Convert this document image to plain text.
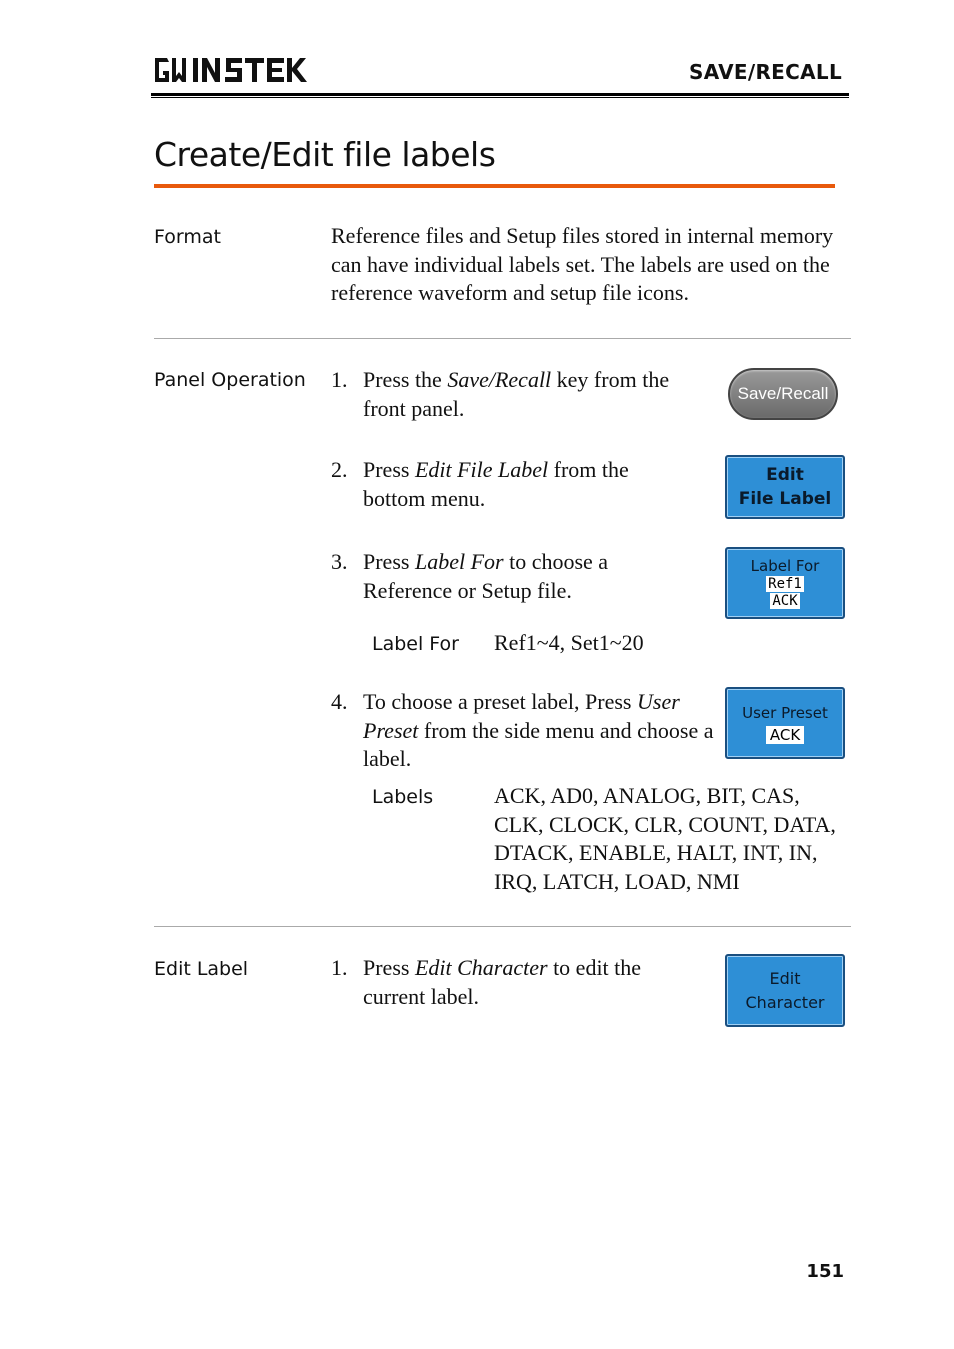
SAVE/RECALL
Create/Edit file labels
Format	Reference files and Setup files stored in internal memory can have individual labels set. The labels are used on the reference waveform and setup file icons.
Panel Operation 1. Press the Save/Recall key from the front panel.
Save/Recall
2. Press Edit File Label from the bottom menu.
Edit
File Label
3. Press Label For to choose a Reference or Setup file.
Label For
Ref1
ACK
Label For Ref1~4, Set1~20
4. To choose a preset label, Press User Preset from the side menu and choose a label.
User Preset
ACK
Labels	ACK, AD0, ANALOG, BIT, CAS, CLK, CLOCK, CLR, COUNT, DATA, DTACK, ENABLE, HALT, INT, IN, IRQ, LATCH, LOAD, NMI
Edit Label	1. Press Edit Character to edit the current label.
Edit
Character
151
